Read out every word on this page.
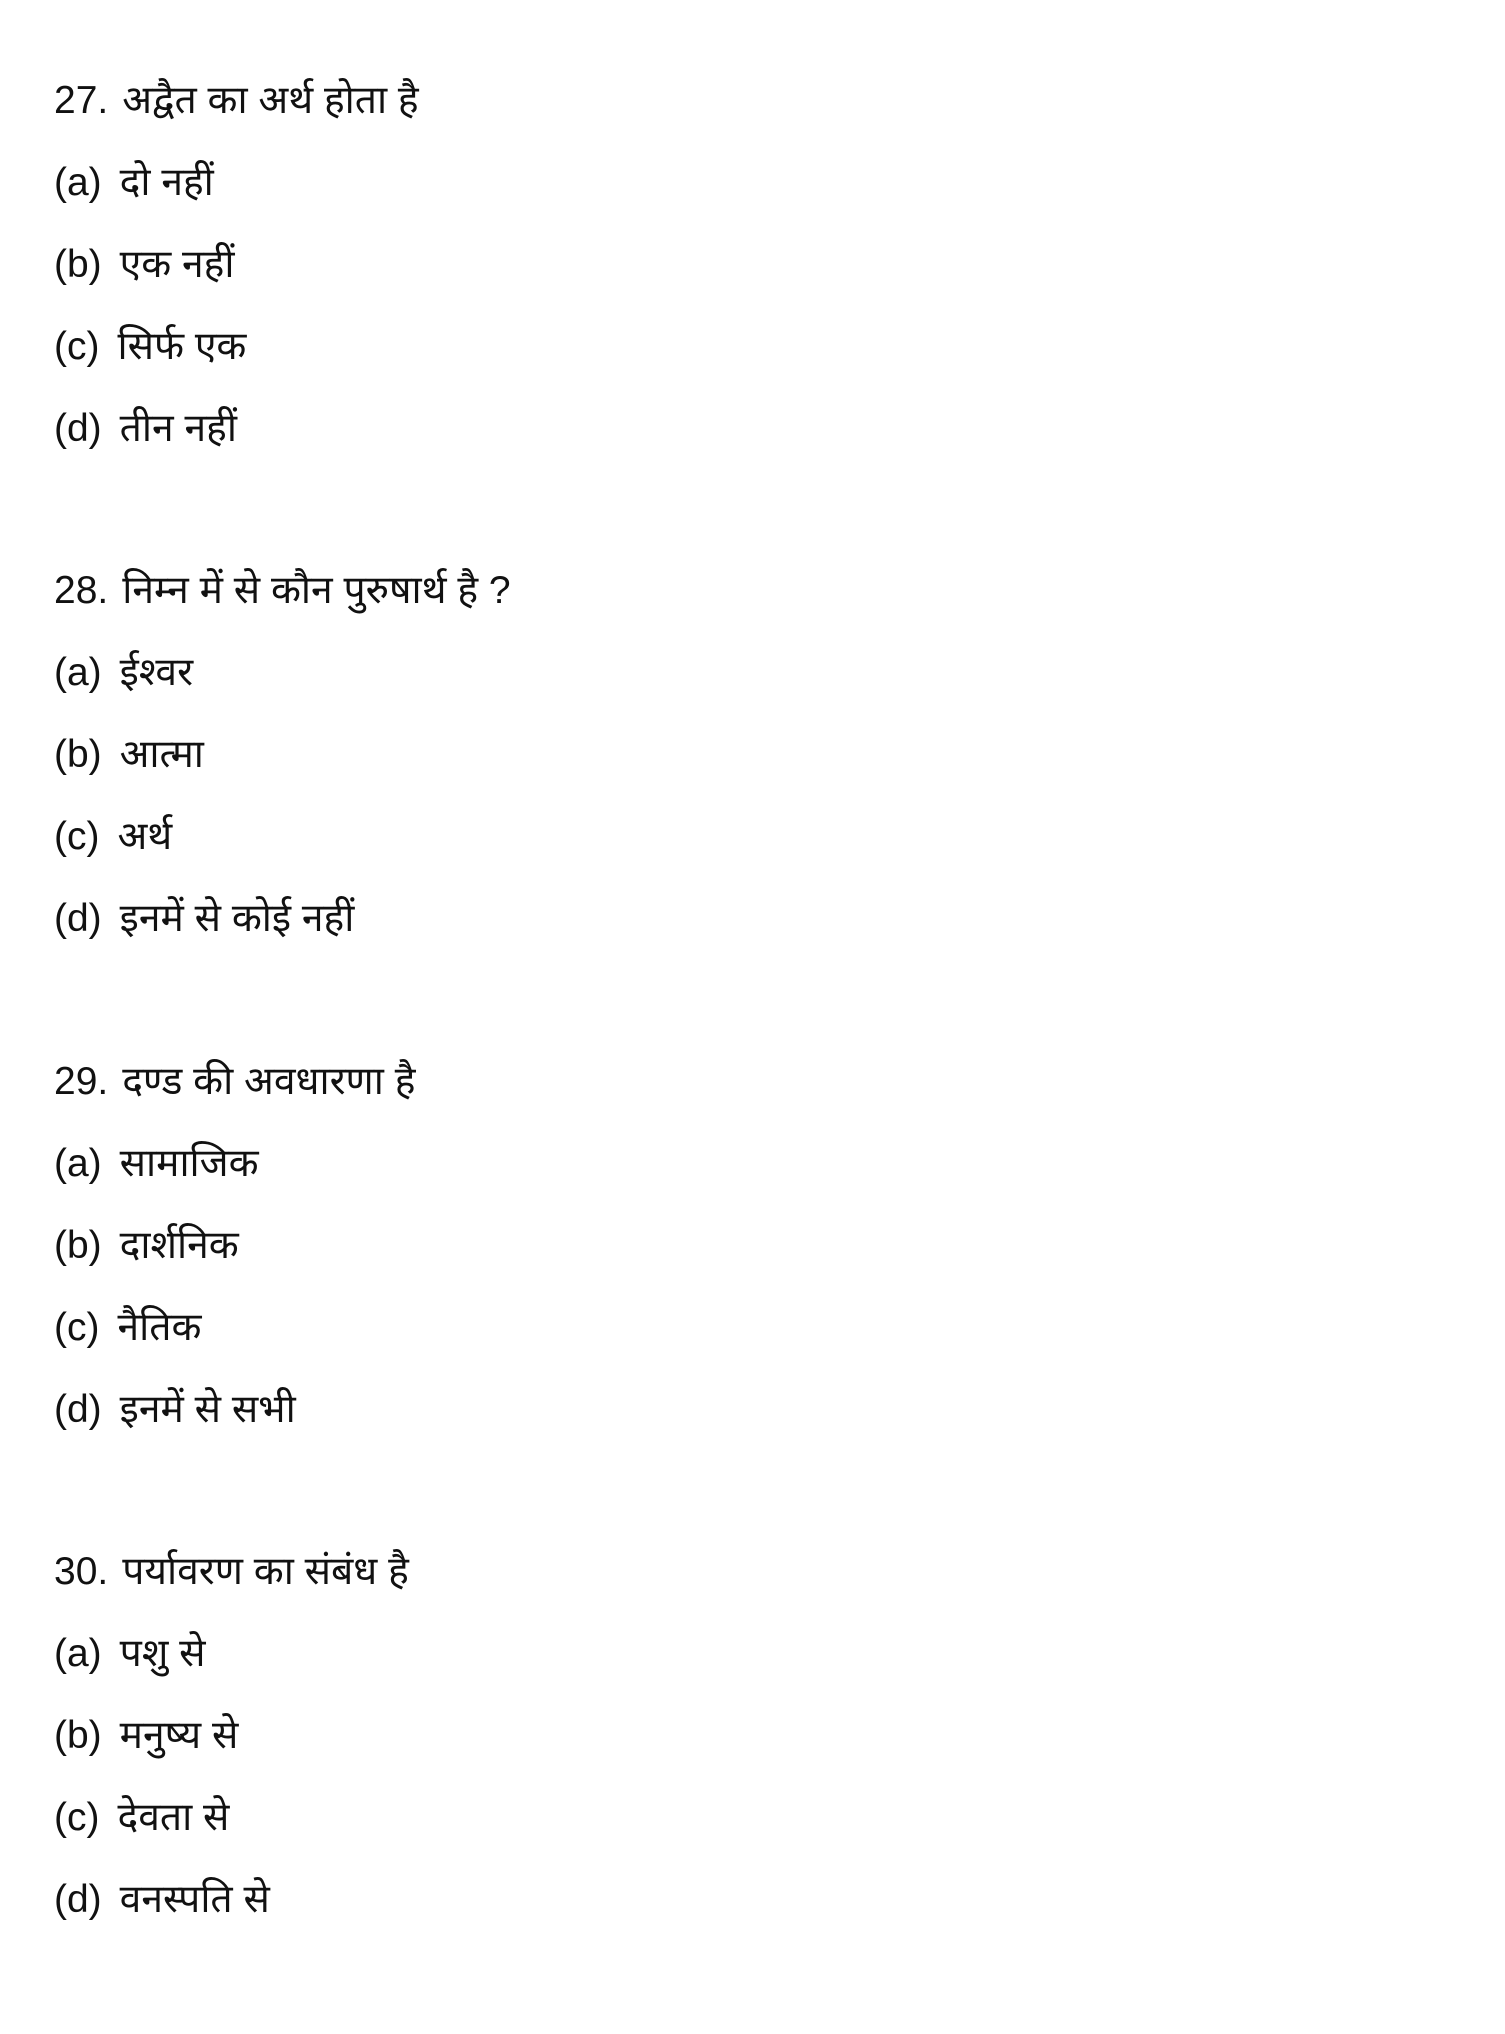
27. अद्वैत का अर्थ होता है
(a) दो नहीं
(b) एक नहीं
(c) सिर्फ एक
(d) तीन नहीं
28. निम्न में से कौन पुरुषार्थ है ?
(a) ईश्वर
(b) आत्मा
(c) अर्थ
(d) इनमें से कोई नहीं
29. दण्ड की अवधारणा है
(a) सामाजिक
(b) दार्शनिक
(c) नैतिक
(d) इनमें से सभी
30. पर्यावरण का संबंध है
(a) पशु से
(b) मनुष्य से
(c) देवता से
(d) वनस्पति से
